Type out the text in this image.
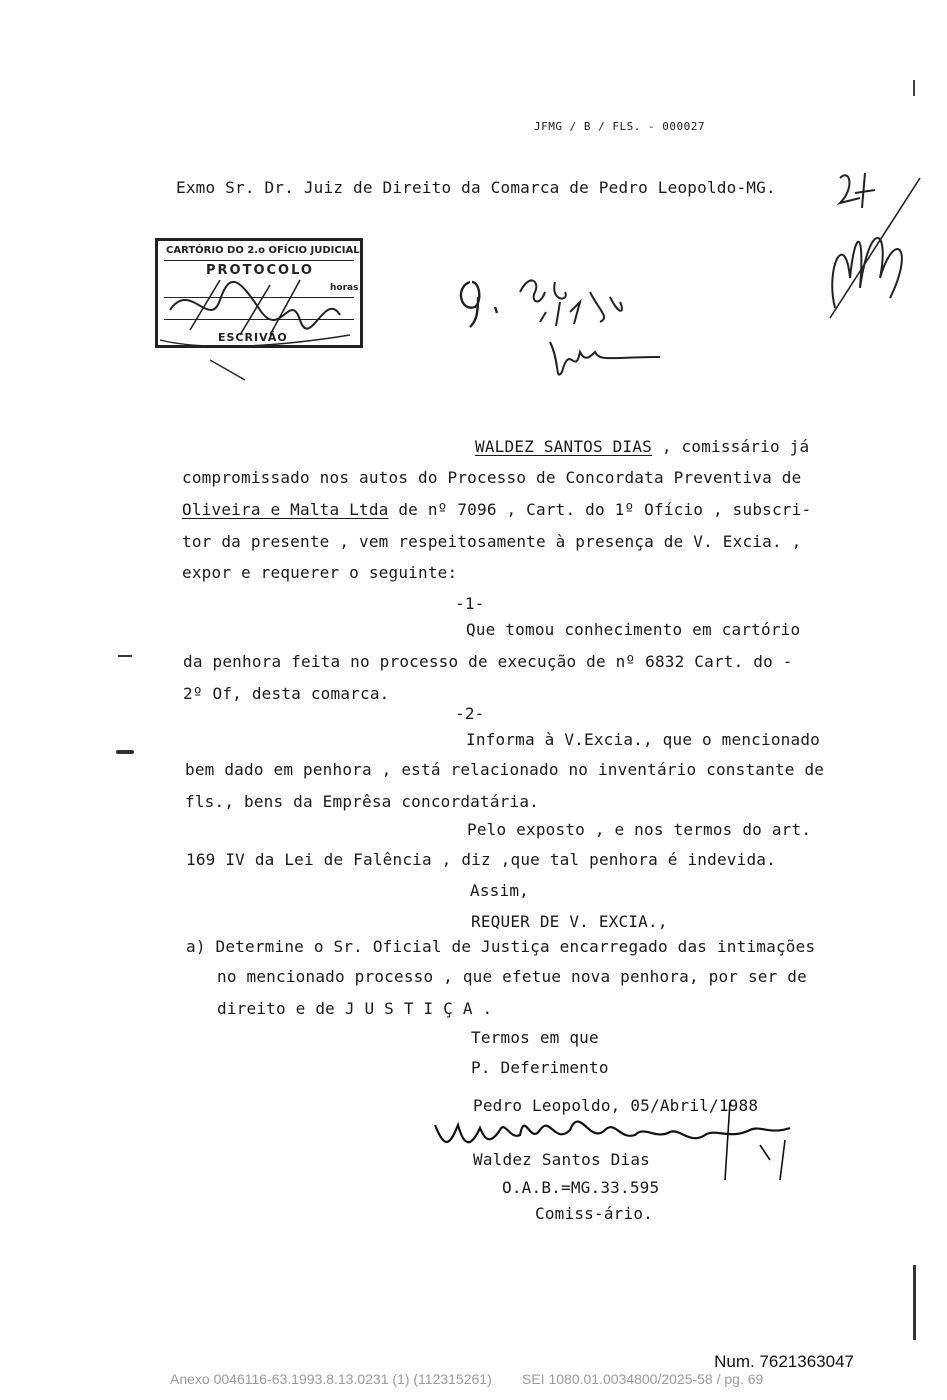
JFMG / B / FLS. - 000027
Exmo Sr. Dr. Juiz de Direito da Comarca de Pedro Leopoldo-MG.
CARTÓRIO DO 2.o OFÍCIO JUDICIAL
PROTOCOLO
horas
ESCRIVÃO
WALDEZ SANTOS DIAS , comissário já
compromissado nos autos do Processo de Concordata Preventiva de
Oliveira e Malta Ltda de nº 7096 , Cart. do 1º Ofício , subscri-
tor da presente , vem respeitosamente à presença de V. Excia. ,
expor e requerer o seguinte:
-1-
Que tomou conhecimento em cartório
da penhora feita no processo de execução de nº 6832 Cart. do -
2º Of, desta comarca.
-2-
Informa à V.Excia., que o mencionado
bem dado em penhora , está relacionado no inventário constante de
fls., bens da Emprêsa concordatária.
Pelo exposto , e nos termos do art.
169 IV da Lei de Falência , diz ,que tal penhora é indevida.
Assim,
REQUER DE V. EXCIA.,
a) Determine o Sr. Oficial de Justiça encarregado das intimações
no mencionado processo , que efetue nova penhora, por ser de
direito e de J U S T I Ç A .
Termos em que
P. Deferimento
Pedro Leopoldo, 05/Abril/1988
Waldez Santos Dias
O.A.B.=MG.33.595
Comiss-ário.
Num. 7621363047
Anexo 0046116-63.1993.8.13.0231 (1) (112315261) SEI 1080.01.0034800/2025-58 / pg. 69
